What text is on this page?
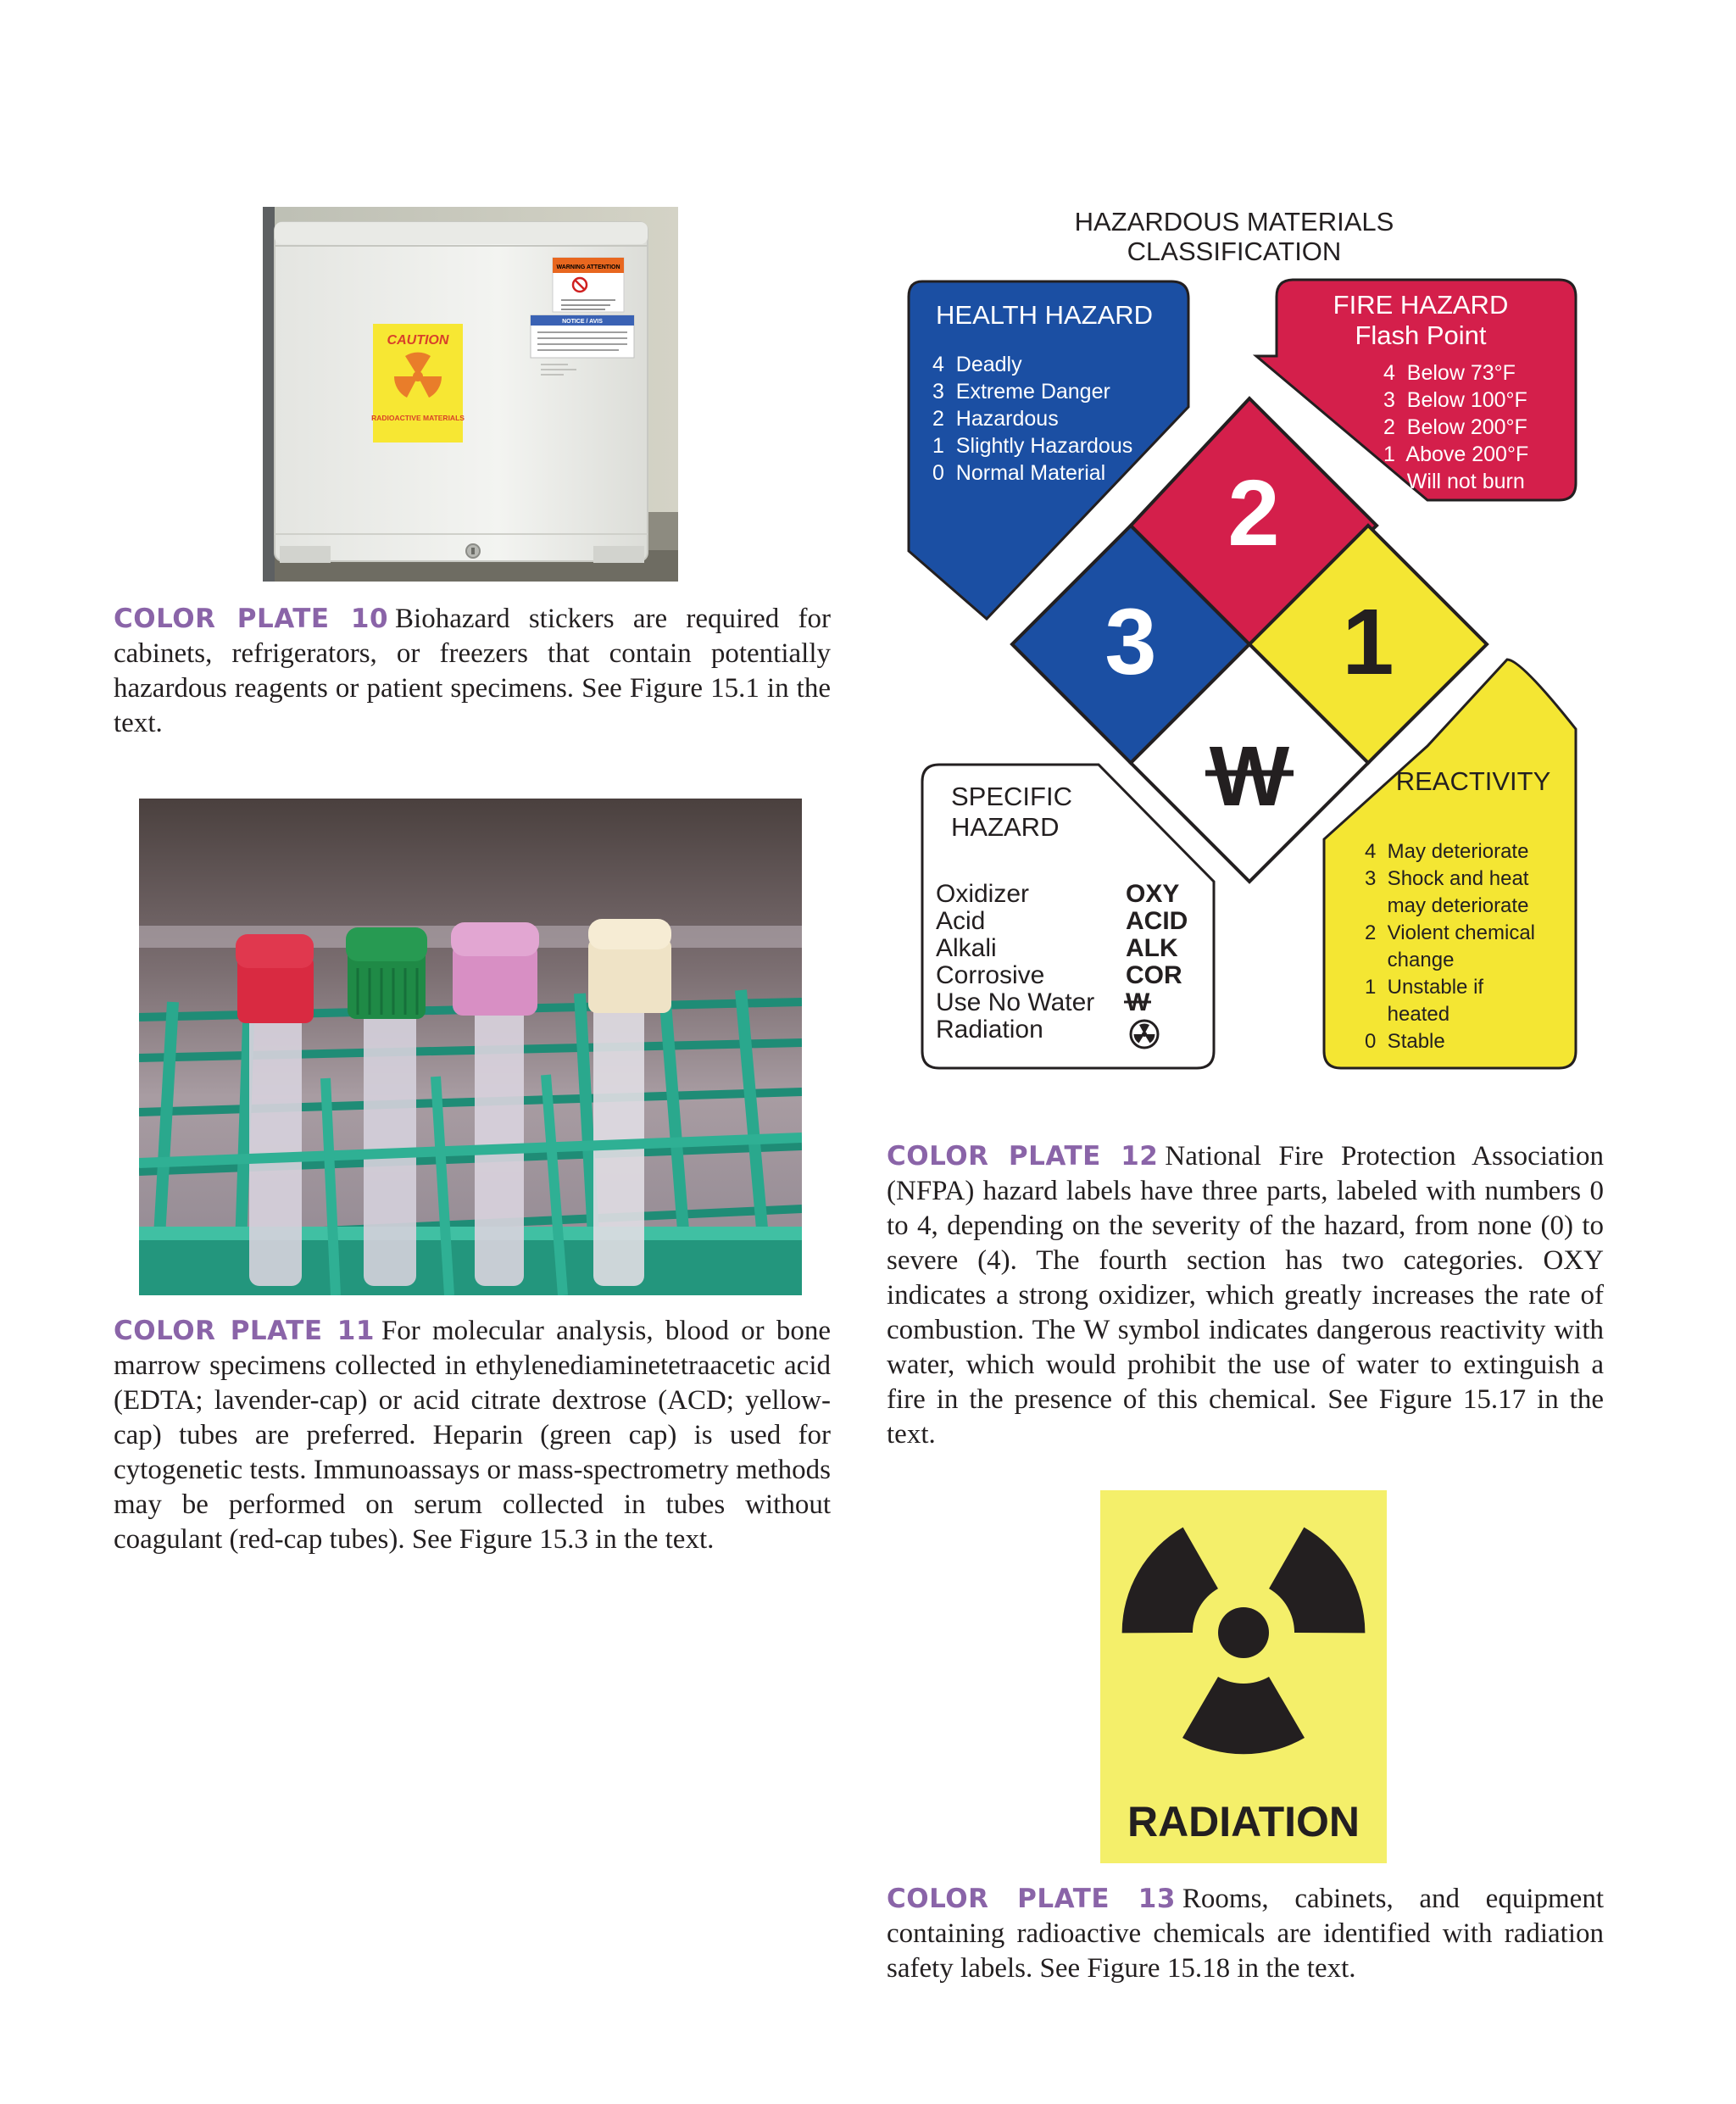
CAUTION
RADIOACTIVE MATERIALS
WARNING ATTENTION
NOTICE / AVIS
COLOR PLATE 10 Biohazard stickers are required for cabinets, refrigerators, or freezers that contain potentially hazardous reagents or patient specimens. See Figure 15.1 in the text.
COLOR PLATE 11 For molecular analysis, blood or bone marrow specimens collected in ethylenediaminetetraacetic acid (EDTA; lavender-cap) or acid citrate dextrose (ACD; yellow-cap) tubes are preferred. Heparin (green cap) is used for cytogenetic tests. Immunoassays or mass-spectrometry methods may be performed on serum collected in tubes without coagulant (red-cap tubes). See Figure 15.3 in the text.
HAZARDOUS MATERIALS
CLASSIFICATION
HEALTH HAZARD
4  Deadly
3  Extreme Danger
2  Hazardous
1  Slightly Hazardous
0  Normal Material
FIRE HAZARD
Flash Point
4  Below 73°F
3  Below 100°F
2  Below 200°F
1  Above 200°F
0  Will not burn
REACTIVITY
4  May deteriorate
3  Shock and heat
may deteriorate
2  Violent chemical
change
1  Unstable if
heated
0  Stable
SPECIFIC
HAZARD
Oxidizer
Acid
Alkali
Corrosive
Use No Water
Radiation
OXY
ACID
ALK
COR
W
3
2
1
W
COLOR PLATE 12 National Fire Protection Association (NFPA) hazard labels have three parts, labeled with numbers 0 to 4, depending on the severity of the hazard, from none (0) to severe (4). The fourth section has two categories. OXY indicates a strong oxidizer, which greatly increases the rate of combustion. The W symbol indicates dangerous reactivity with water, which would prohibit the use of water to extinguish a fire in the presence of this chemical. See Figure 15.17 in the text.
RADIATION
COLOR PLATE 13 Rooms, cabinets, and equipment containing radioactive chemicals are identified with radiation safety labels. See Figure 15.18 in the text.
